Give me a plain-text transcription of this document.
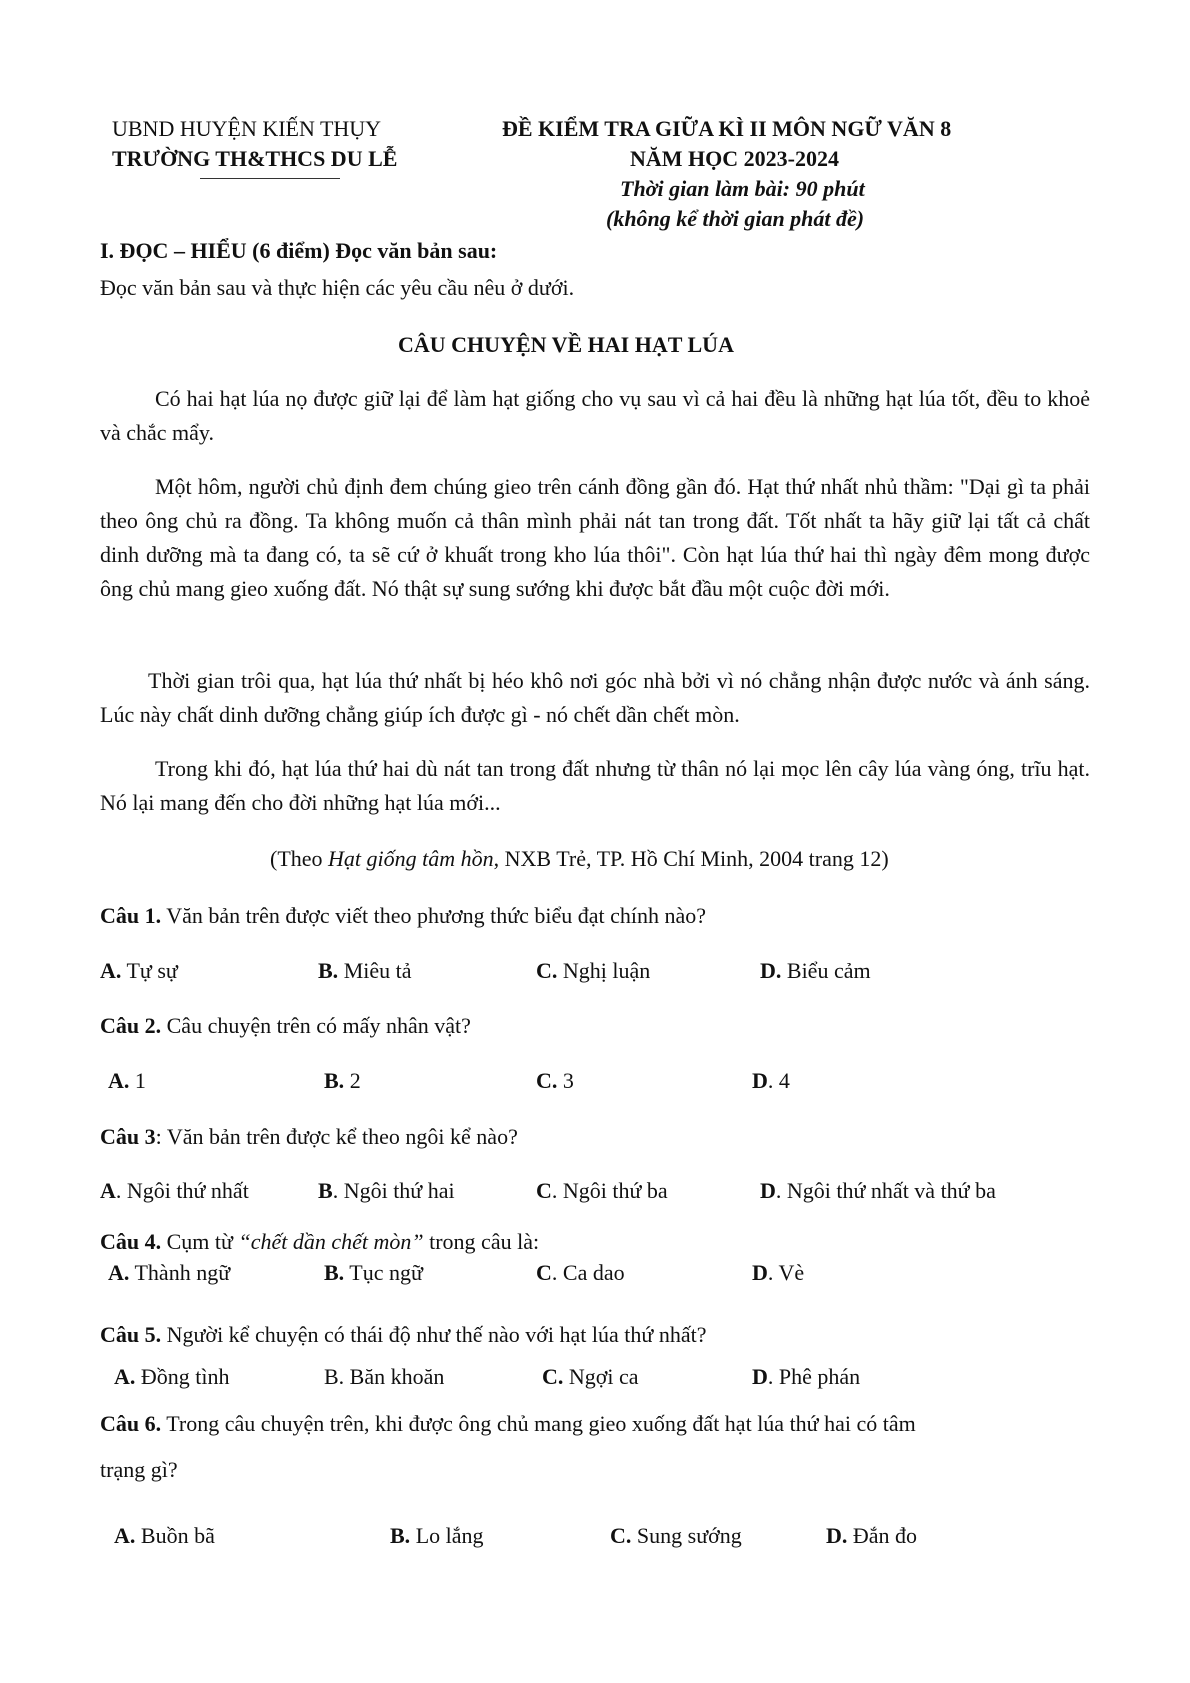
UBND HUYỆN KIẾN THỤY
TRƯỜNG TH&THCS DU LỄ
ĐỀ KIỂM TRA GIỮA KÌ II MÔN NGỮ VĂN 8
NĂM HỌC 2023-2024
Thời gian làm bài: 90 phút
(không kể thời gian phát đề)
I. ĐỌC – HIỂU (6 điểm) Đọc văn bản sau:
Đọc văn bản sau và thực hiện các yêu cầu nêu ở dưới.
CÂU CHUYỆN VỀ HAI HẠT LÚA
Có hai hạt lúa nọ được giữ lại để làm hạt giống cho vụ sau vì cả hai đều là những hạt lúa tốt, đều to khoẻ và chắc mẩy.
Một hôm, người chủ định đem chúng gieo trên cánh đồng gần đó. Hạt thứ nhất nhủ thầm: "Dại gì ta phải theo ông chủ ra đồng. Ta không muốn cả thân mình phải nát tan trong đất. Tốt nhất ta hãy giữ lại tất cả chất dinh dưỡng mà ta đang có, ta sẽ cứ ở khuất trong kho lúa thôi". Còn hạt lúa thứ hai thì ngày đêm mong được ông chủ mang gieo xuống đất. Nó thật sự sung sướng khi được bắt đầu một cuộc đời mới.
Thời gian trôi qua, hạt lúa thứ nhất bị héo khô nơi góc nhà bởi vì nó chẳng nhận được nước và ánh sáng. Lúc này chất dinh dưỡng chẳng giúp ích được gì - nó chết dần chết mòn.
Trong khi đó, hạt lúa thứ hai dù nát tan trong đất nhưng từ thân nó lại mọc lên cây lúa vàng óng, trĩu hạt. Nó lại mang đến cho đời những hạt lúa mới...
(Theo Hạt giống tâm hồn, NXB Trẻ, TP. Hồ Chí Minh, 2004 trang 12)
Câu 1. Văn bản trên được viết theo phương thức biểu đạt chính nào?
A. Tự sự	B. Miêu tả	C. Nghị luận	D. Biểu cảm
Câu 2. Câu chuyện trên có mấy nhân vật?
A. 1	B. 2	C. 3	D. 4
Câu 3: Văn bản trên được kể theo ngôi kể nào?
A. Ngôi thứ nhất	B. Ngôi thứ hai	C. Ngôi thứ ba	D. Ngôi thứ nhất và thứ ba
Câu 4. Cụm từ “chết dần chết mòn” trong câu là:
A. Thành ngữ	B. Tục ngữ	C. Ca dao	D. Vè
Câu 5. Người kể chuyện có thái độ như thế nào với hạt lúa thứ nhất?
A. Đồng tình	B. Băn khoăn	C. Ngợi ca	D. Phê phán
Câu 6. Trong câu chuyện trên, khi được ông chủ mang gieo xuống đất hạt lúa thứ hai có tâm
trạng gì?
A. Buồn bã	B. Lo lắng	C. Sung sướng	D. Đắn đo
